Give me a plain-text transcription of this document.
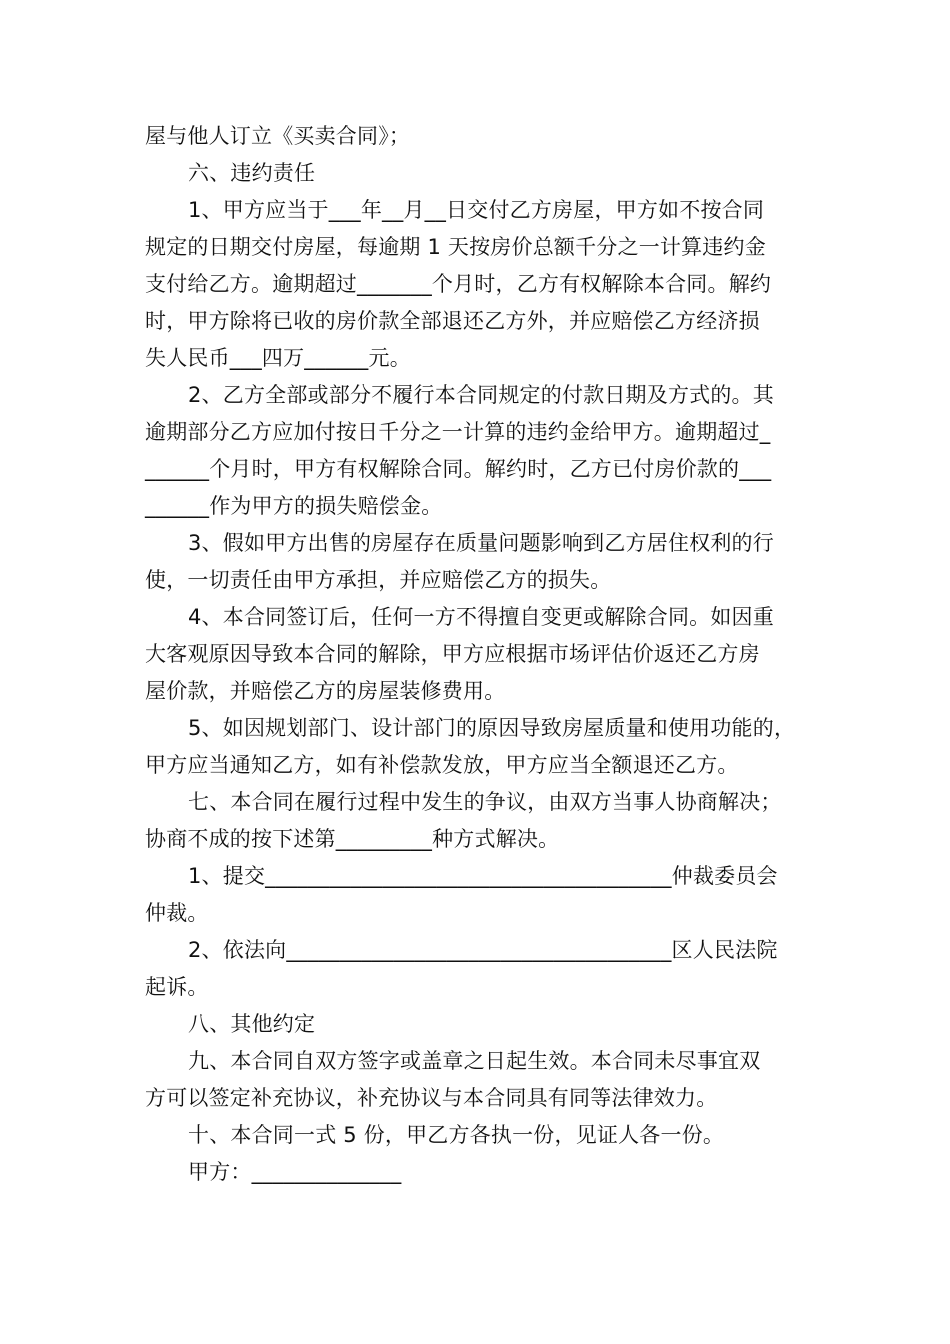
屋与他人订立《买卖合同》；
六、违约责任
1、甲方应当于___年__月__日交付乙方房屋，甲方如不按合同
规定的日期交付房屋，每逾期 1 天按房价总额千分之一计算违约金
支付给乙方。逾期超过_______个月时，乙方有权解除本合同。解约
时，甲方除将已收的房价款全部退还乙方外，并应赔偿乙方经济损
失人民币___四万______元。
2、乙方全部或部分不履行本合同规定的付款日期及方式的。其
逾期部分乙方应加付按日千分之一计算的违约金给甲方。逾期超过_
______个月时，甲方有权解除合同。解约时，乙方已付房价款的___
______作为甲方的损失赔偿金。
3、假如甲方出售的房屋存在质量问题影响到乙方居住权利的行
使，一切责任由甲方承担，并应赔偿乙方的损失。
4、本合同签订后，任何一方不得擅自变更或解除合同。如因重
大客观原因导致本合同的解除，甲方应根据市场评估价返还乙方房
屋价款，并赔偿乙方的房屋装修费用。
5、如因规划部门、设计部门的原因导致房屋质量和使用功能的，
甲方应当通知乙方，如有补偿款发放，甲方应当全额退还乙方。
七、本合同在履行过程中发生的争议，由双方当事人协商解决；
协商不成的按下述第_________种方式解决。
1、提交______________________________________仲裁委员会
仲裁。
2、依法向____________________________________区人民法院
起诉。
八、其他约定
九、本合同自双方签字或盖章之日起生效。本合同未尽事宜双
方可以签定补充协议，补充协议与本合同具有同等法律效力。
十、本合同一式 5 份，甲乙方各执一份，见证人各一份。
甲方：______________
